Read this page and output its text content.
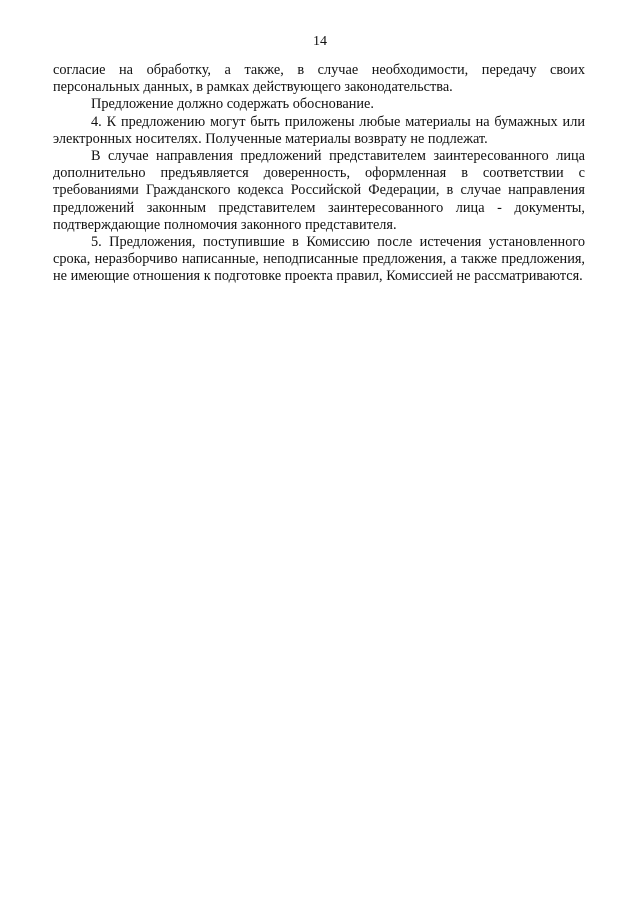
14

согласие на обработку, а также, в случае необходимости, передачу своих персональных данных, в рамках действующего законодательства.

Предложение должно содержать обоснование.

4. К предложению могут быть приложены любые материалы на бумажных или электронных носителях. Полученные материалы возврату не подлежат.

В случае направления предложений представителем заинтересованного лица дополнительно предъявляется доверенность, оформленная в соответствии с требованиями Гражданского кодекса Российской Федерации, в случае направления предложений законным представителем заинтересованного лица - документы, подтверждающие полномочия законного представителя.

5. Предложения, поступившие в Комиссию после истечения установленного срока, неразборчиво написанные, неподписанные предложения, а также предложения, не имеющие отношения к подготовке проекта правил, Комиссией не рассматриваются.
